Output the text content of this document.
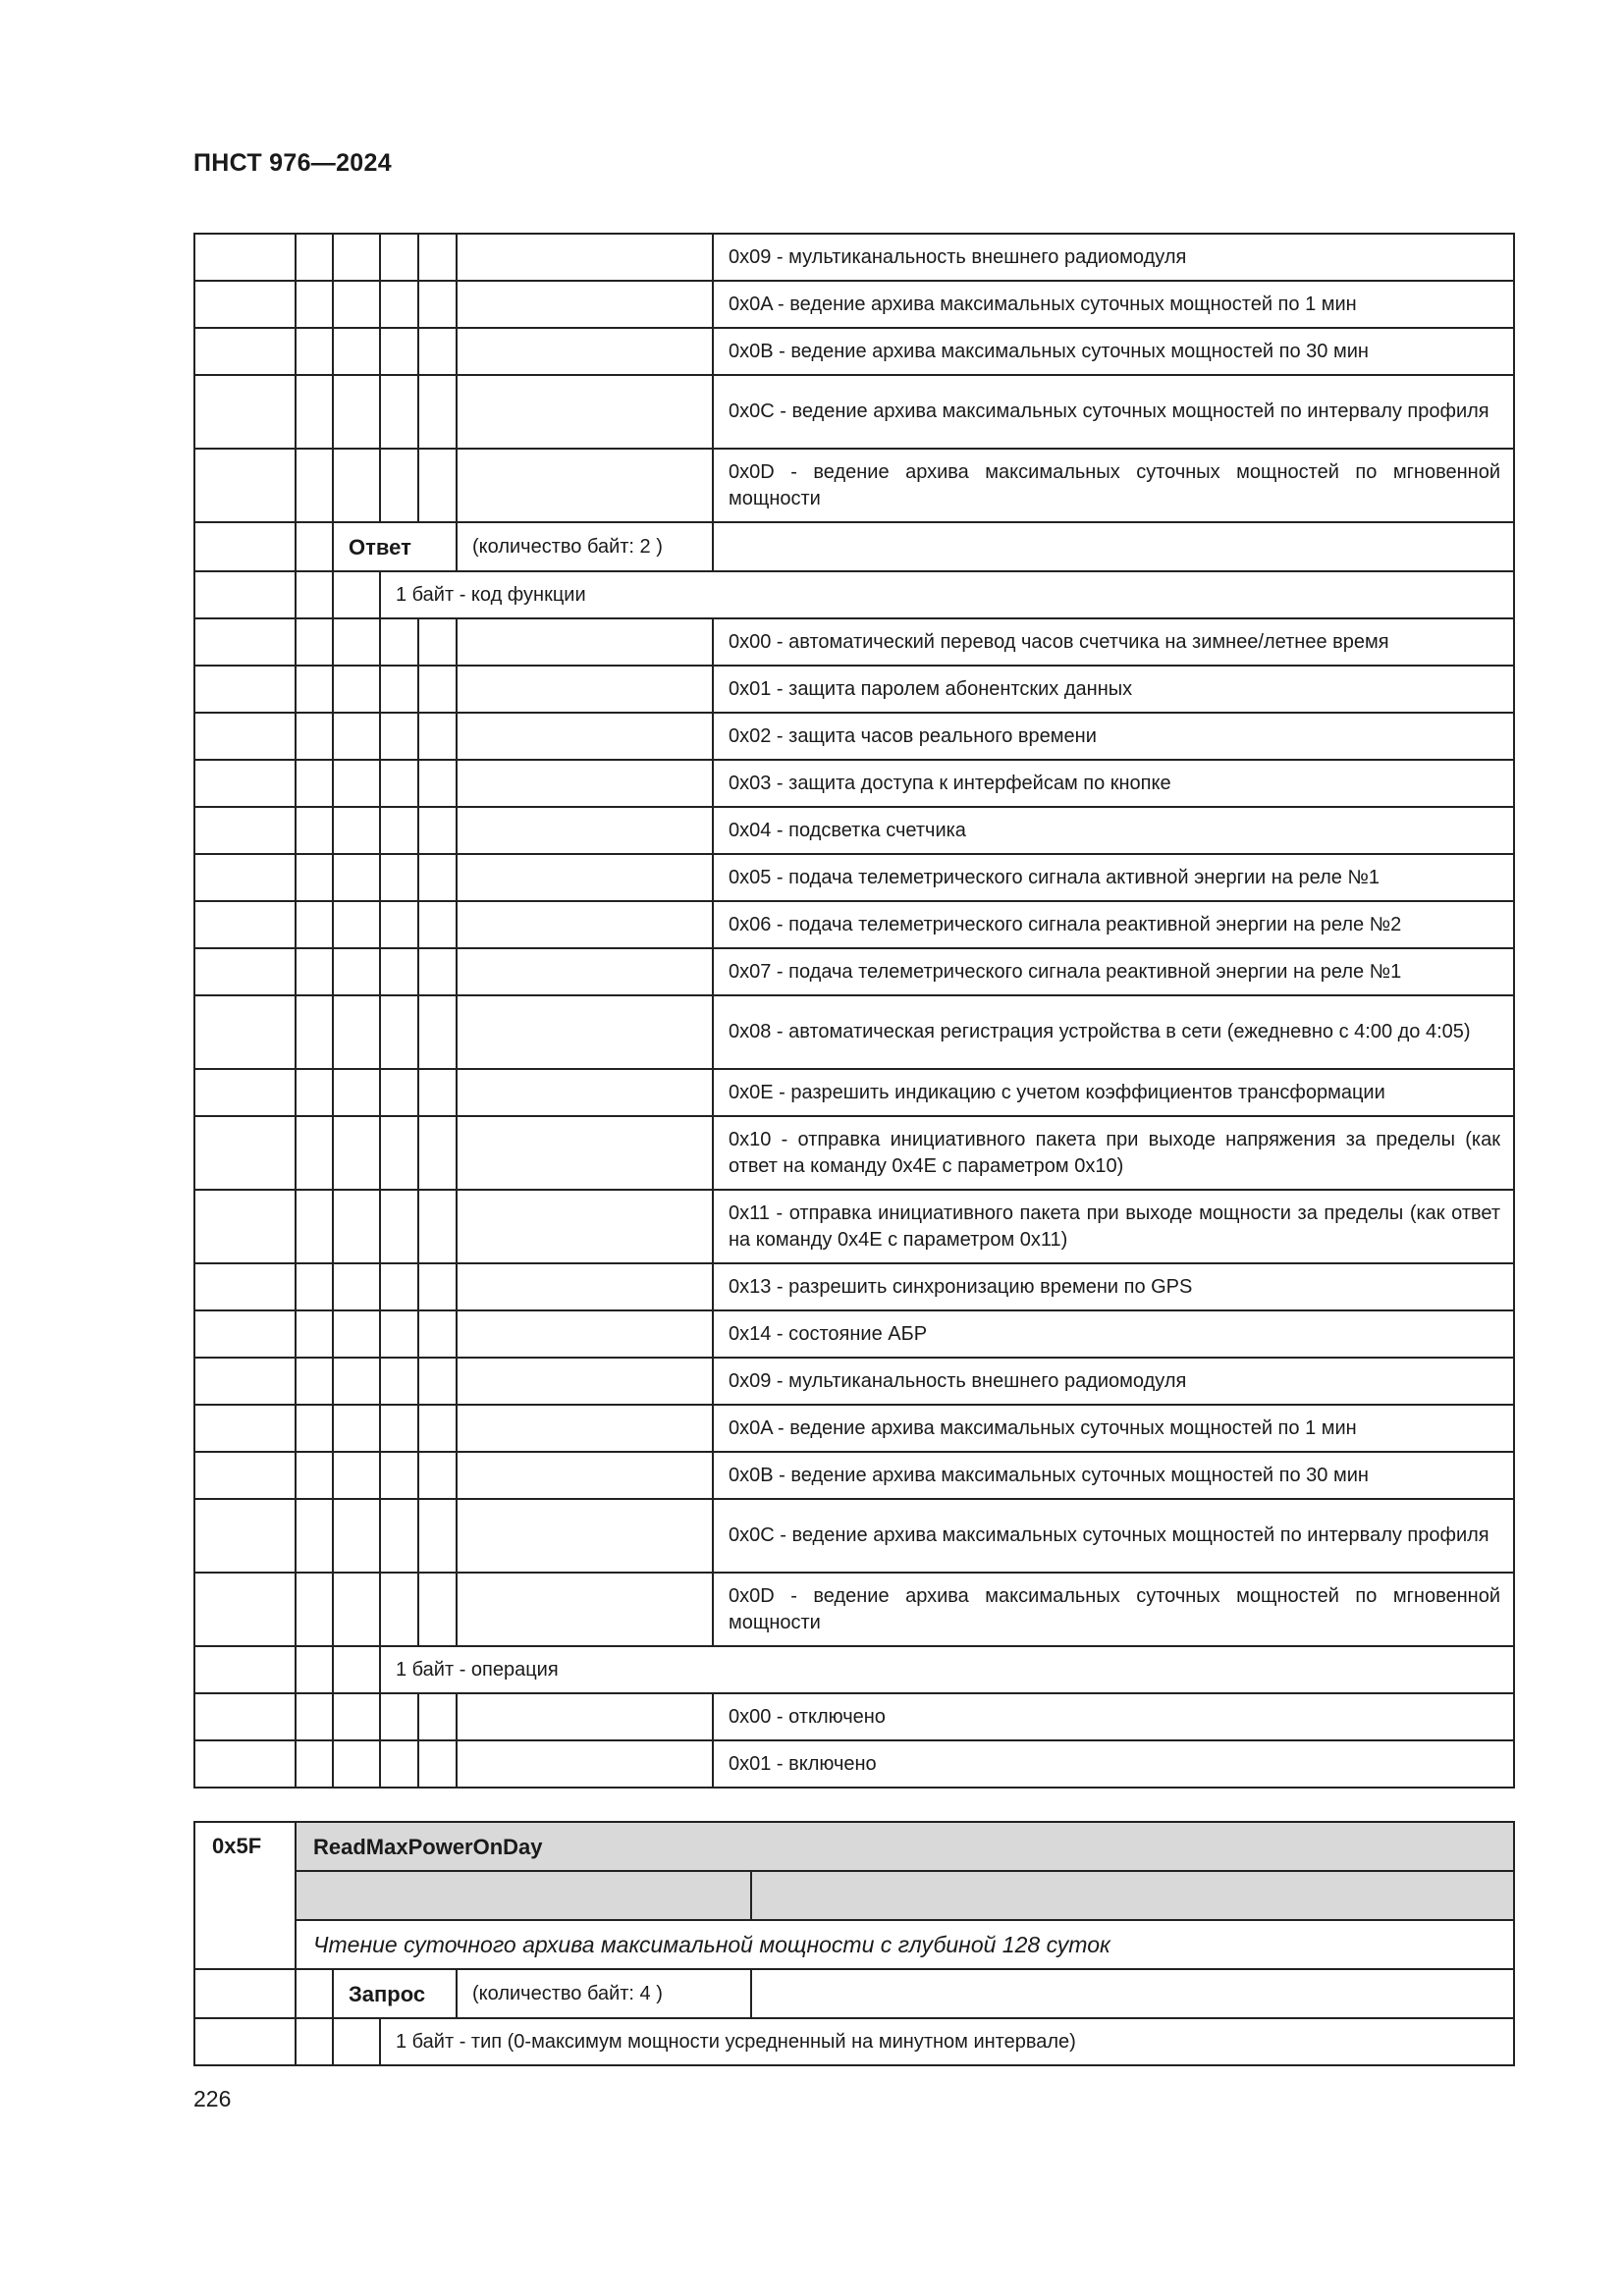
ПНСТ 976—2024
						0x09 - мультиканальность внешнего радиомодуля
						0x0A - ведение архива максимальных суточных мощностей по 1 мин
						0x0B - ведение архива максимальных суточных мощностей по 30 мин
						0x0C - ведение архива максимальных суточных мощностей по интервалу профиля
						0x0D - ведение архива максимальных суточных мощностей по мгновенной мощности
		Ответ			(количество байт: 2 )	
			1 байт - код функции			
						0x00 - автоматический перевод часов счетчика на зимнее/летнее время
						0x01 - защита паролем абонентских данных
						0x02 - защита часов реального времени
						0x03 - защита доступа к интерфейсам по кнопке
						0x04 - подсветка счетчика
						0x05 - подача телеметрического сигнала активной энергии на реле №1
						0x06 - подача телеметрического сигнала реактивной энергии на реле №2
						0x07 - подача телеметрического сигнала реактивной энергии на реле №1
						0x08 - автоматическая регистрация устройства в сети (ежедневно с 4:00 до 4:05)
						0x0E - разрешить индикацию с учетом коэффициентов трансформации
						0x10 - отправка инициативного пакета при выходе напряжения за пределы (как ответ на команду 0x4E с параметром 0x10)
						0x11 - отправка инициативного пакета при выходе мощности за пределы (как ответ на команду 0x4E с параметром 0x11)
						0x13 - разрешить синхронизацию времени по GPS
						0x14 - состояние АБР
						0x09 - мультиканальность внешнего радиомодуля
						0x0A - ведение архива максимальных суточных мощностей по 1 мин
						0x0B - ведение архива максимальных суточных мощностей по 30 мин
						0x0C - ведение архива максимальных суточных мощностей по интервалу профиля
						0x0D - ведение архива максимальных суточных мощностей по мгновенной мощности
			1 байт - операция			
						0x00 - отключено
						0x01 - включено
0x5F	ReadMaxPowerOnDay				

	Чтение суточного архива максимальной мощности с глубиной 128 суток				
		Запрос		(количество байт: 4 )	
			1 байт - тип (0-максимум мощности усредненный на минутном интервале)		
226
